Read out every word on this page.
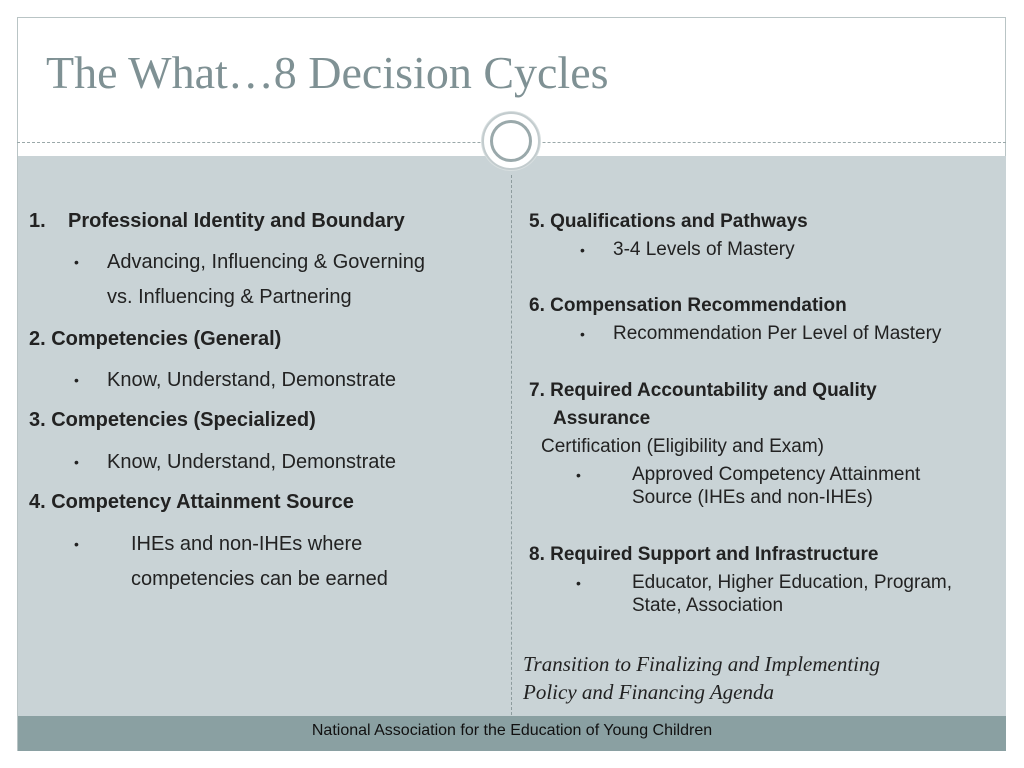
The What…8 Decision Cycles
1. Professional Identity and Boundary
• Advancing, Influencing & Governing
vs. Influencing & Partnering
2. Competencies (General)
• Know, Understand, Demonstrate
3. Competencies (Specialized)
• Know, Understand, Demonstrate
4. Competency Attainment Source
•	IHEs and non-IHEs where
competencies can be earned
5. Qualifications and Pathways
• 3-4 Levels of Mastery
6. Compensation Recommendation
• Recommendation Per Level of Mastery
7. Required Accountability and Quality
Assurance
Certification (Eligibility and Exam)
•	Approved Competency Attainment
Source (IHEs and non-IHEs)
8. Required Support and Infrastructure
•	Educator, Higher Education, Program,
State, Association
Transition to Finalizing and Implementing
Policy and Financing Agenda
National Association for the Education of Young Children
